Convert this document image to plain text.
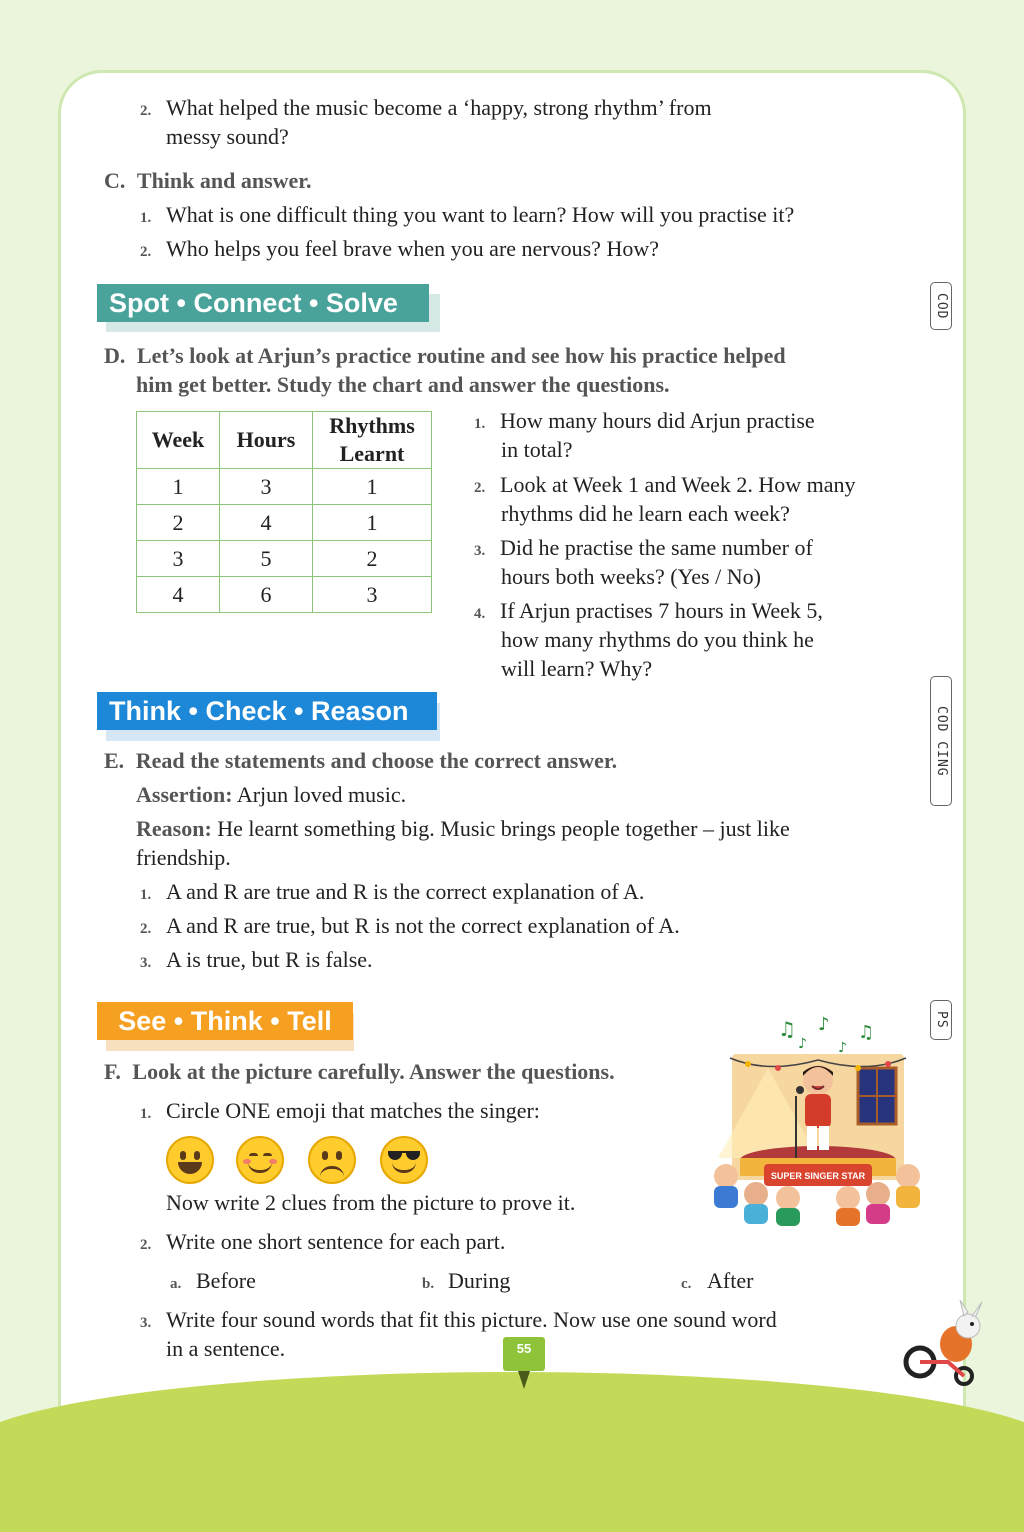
2. What helped the music become a ‘happy, strong rhythm’ from
messy sound?
C. Think and answer.
1. What is one difficult thing you want to learn? How will you practise it?
2. Who helps you feel brave when you are nervous? How?
Spot • Connect • Solve	COD
D. Let’s look at Arjun’s practice routine and see how his practice helped
him get better. Study the chart and answer the questions.
Week	Hours	Rhythms Learnt
1	3	1
2	4	1
3	5	2
4	6	3
1. How many hours did Arjun practise
in total?
2. Look at Week 1 and Week 2. How many
rhythms did he learn each week?
3. Did he practise the same number of
hours both weeks? (Yes / No)
4. If Arjun practises 7 hours in Week 5,
how many rhythms do you think he
will learn? Why?
Think • Check • Reason	COD CING
E. Read the statements and choose the correct answer.
Assertion: Arjun loved music.
Reason: He learnt something big. Music brings people together – just like
friendship.
1. A and R are true and R is the correct explanation of A.
2. A and R are true, but R is not the correct explanation of A.
3. A is true, but R is false.
See • Think • Tell	PS
F. Look at the picture carefully. Answer the questions.
1. Circle ONE emoji that matches the singer:
Now write 2 clues from the picture to prove it.
2. Write one short sentence for each part.
a. Before	b. During	c. After
3. Write four sound words that fit this picture. Now use one sound word
in a sentence.
SUPER SINGER STAR
♫ ♪ ♫
♪
♪
55
